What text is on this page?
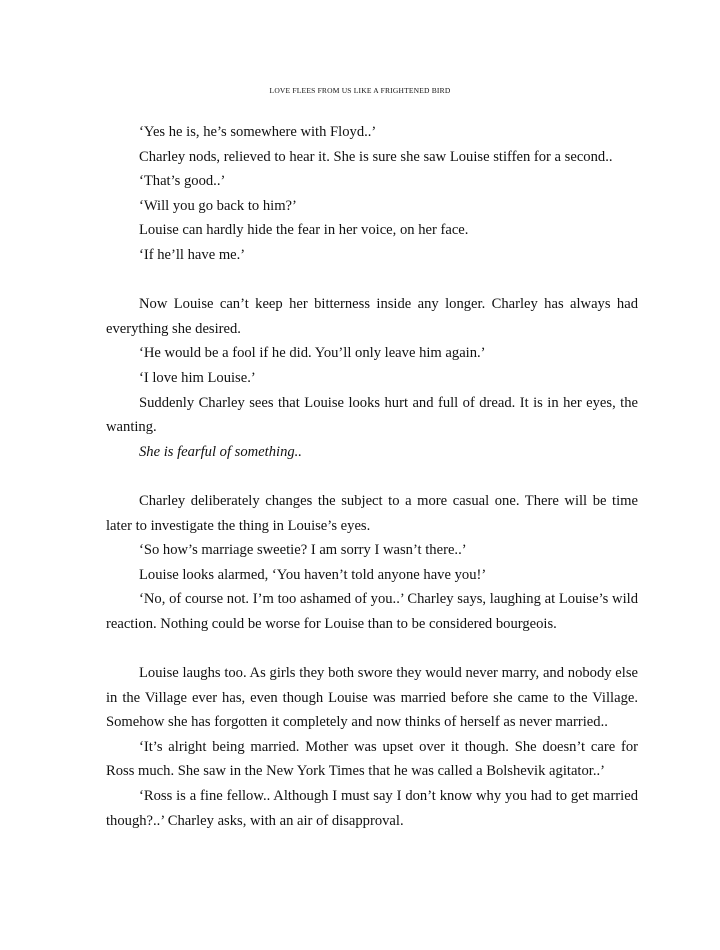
LOVE FLEES FROM US LIKE A FRIGHTENED BIRD

‘Yes he is, he’s somewhere with Floyd..’

Charley nods, relieved to hear it. She is sure she saw Louise stiffen for a second..

‘That’s good..’

‘Will you go back to him?’

Louise can hardly hide the fear in her voice, on her face.

‘If he’ll have me.’

Now Louise can’t keep her bitterness inside any longer. Charley has always had everything she desired.

‘He would be a fool if he did. You’ll only leave him again.’

‘I love him Louise.’

Suddenly Charley sees that Louise looks hurt and full of dread. It is in her eyes, the wanting.

She is fearful of something..

Charley deliberately changes the subject to a more casual one. There will be time later to investigate the thing in Louise’s eyes.

‘So how’s marriage sweetie? I am sorry I wasn’t there..’

Louise looks alarmed, ‘You haven’t told anyone have you!’

‘No, of course not. I’m too ashamed of you..’ Charley says, laughing at Louise’s wild reaction. Nothing could be worse for Louise than to be considered bourgeois.

Louise laughs too. As girls they both swore they would never marry, and nobody else in the Village ever has, even though Louise was married before she came to the Village. Somehow she has forgotten it completely and now thinks of herself as never married..

‘It’s alright being married. Mother was upset over it though. She doesn’t care for Ross much. She saw in the New York Times that he was called a Bolshevik agitator..’

‘Ross is a fine fellow.. Although I must say I don’t know why you had to get married though?..’ Charley asks, with an air of disapproval.
